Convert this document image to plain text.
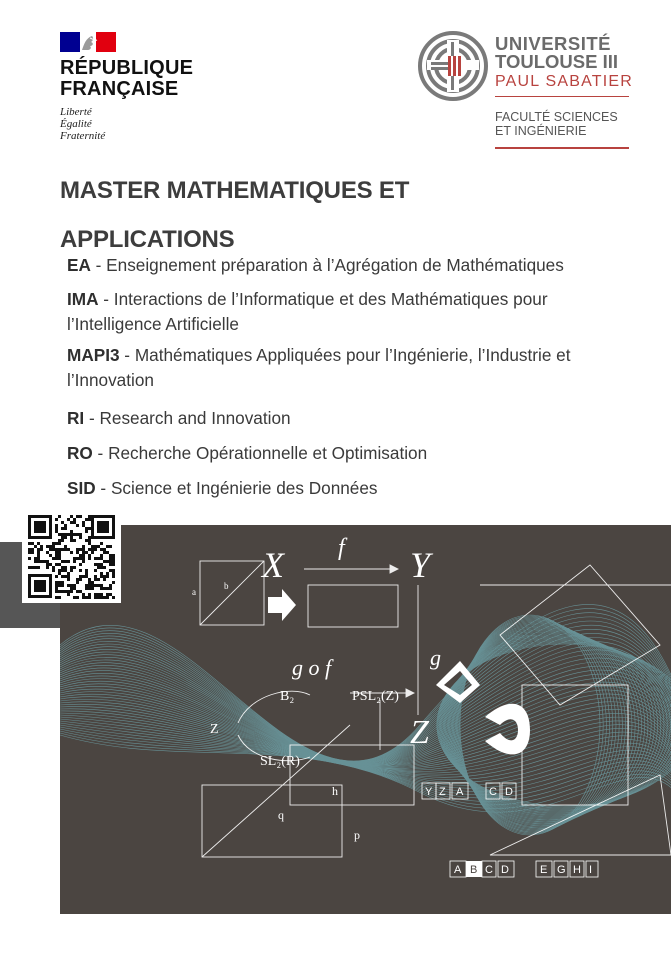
RÉPUBLIQUE
FRANÇAISE
Liberté
Égalité
Fraternité
UNIVERSITÉ
TOULOUSE III
PAUL SABATIER
FACULTÉ SCIENCES
ET INGÉNIERIE
MASTER MATHEMATIQUES ET
APPLICATIONS
EA - Enseignement préparation à l’Agrégation de Mathématiques
IMA - Interactions de l’Informatique et des Mathématiques pour l’Intelligence Artificielle
MAPI3 - Mathématiques Appliquées pour l’Ingénierie, l’Industrie et l’Innovation
RI - Research and Innovation
RO - Recherche Opérationnelle et Optimisation
SID - Science et Ingénierie des Données
X	Y
f
g
Z
g o f
B₂	PSL₂(Z)
Z
SL₂(R)
h
q
p
b
a
Y Z A C D
A B C D	E G H I
